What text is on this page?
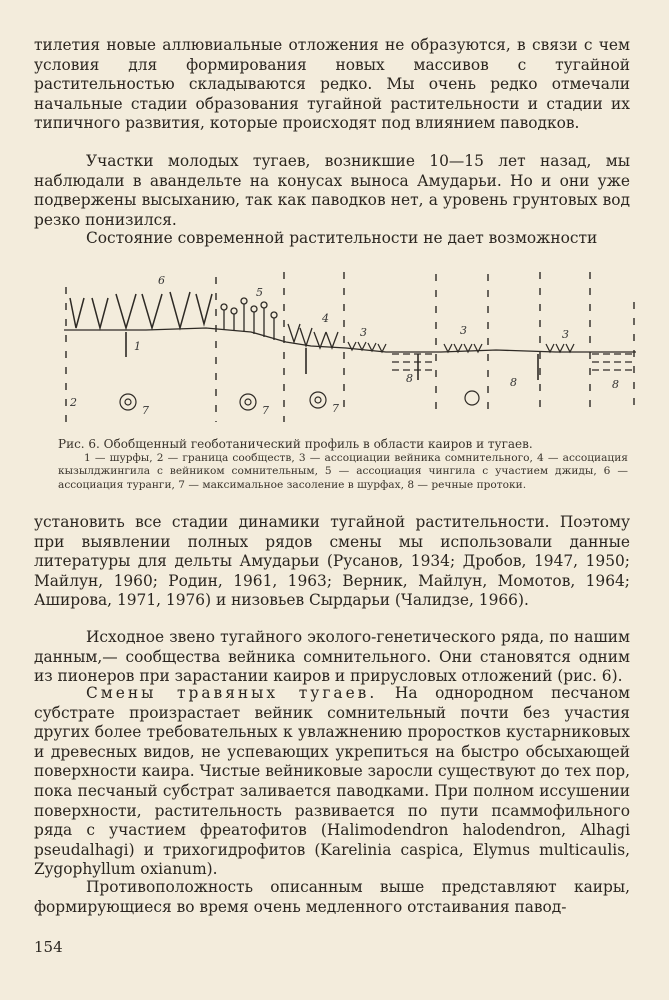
тилетия новые аллювиальные отложения не образуются, в связи с чем условия для формирования новых массивов с тугайной растительностью складываются редко. Мы очень редко отмечали начальные стадии образования тугайной растительности и стадии их типичного развития, которые происходят под влиянием паводков.

Участки молодых тугаев, возникшие 10—15 лет назад, мы наблюдали в авандельте на конусах выноса Амударьи. Но и они уже подвержены высыханию, так как паводков нет, а уровень грунтовых вод резко понизился.

Состояние современной растительности не дает возможности

6
5
4
3	3
3
1
2
7	7	7
8	8	8
Рис. 6. Обобщенный геоботанический профиль в области каиров и тугаев.
1 — шурфы, 2 — граница сообществ, 3 — ассоциации вейника сомнительного, 4 — ассоциация кызылджингила с вейником сомнительным, 5 — ассоциация чингила с участием джиды, 6 — ассоциация туранги, 7 — максимальное засоление в шурфах, 8 — речные протоки.

установить все стадии динамики тугайной растительности. Поэтому при выявлении полных рядов смены мы использовали данные литературы для дельты Амударьи (Русанов, 1934; Дробов, 1947, 1950; Майлун, 1960; Родин, 1961, 1963; Верник, Майлун, Момотов, 1964; Аширова, 1971, 1976) и низовьев Сырдарьи (Чалидзе, 1966).

Исходное звено тугайного эколого-генетического ряда, по нашим данным,— сообщества вейника сомнительного. Они становятся одним из пионеров при зарастании каиров и прирусловых отложений (рис. 6).

Смены травяных тугаев. На однородном песчаном субстрате произрастает вейник сомнительный почти без участия других более требовательных к увлажнению проростков кустарниковых и древесных видов, не успевающих укрепиться на быстро обсыхающей поверхности каира. Чистые вейниковые заросли существуют до тех пор, пока песчаный субстрат заливается паводками. При полном иссушении поверхности, растительность развивается по пути псаммофильного ряда с участием фреатофитов (Halimodendron halodendron, Alhagi pseudalhagi) и трихогидрофитов (Karelinia caspica, Elymus multicaulis, Zygophyllum oxianum).

Противоположность описанным выше представляют каиры, формирующиеся во время очень медленного отстаивания павод-

154
